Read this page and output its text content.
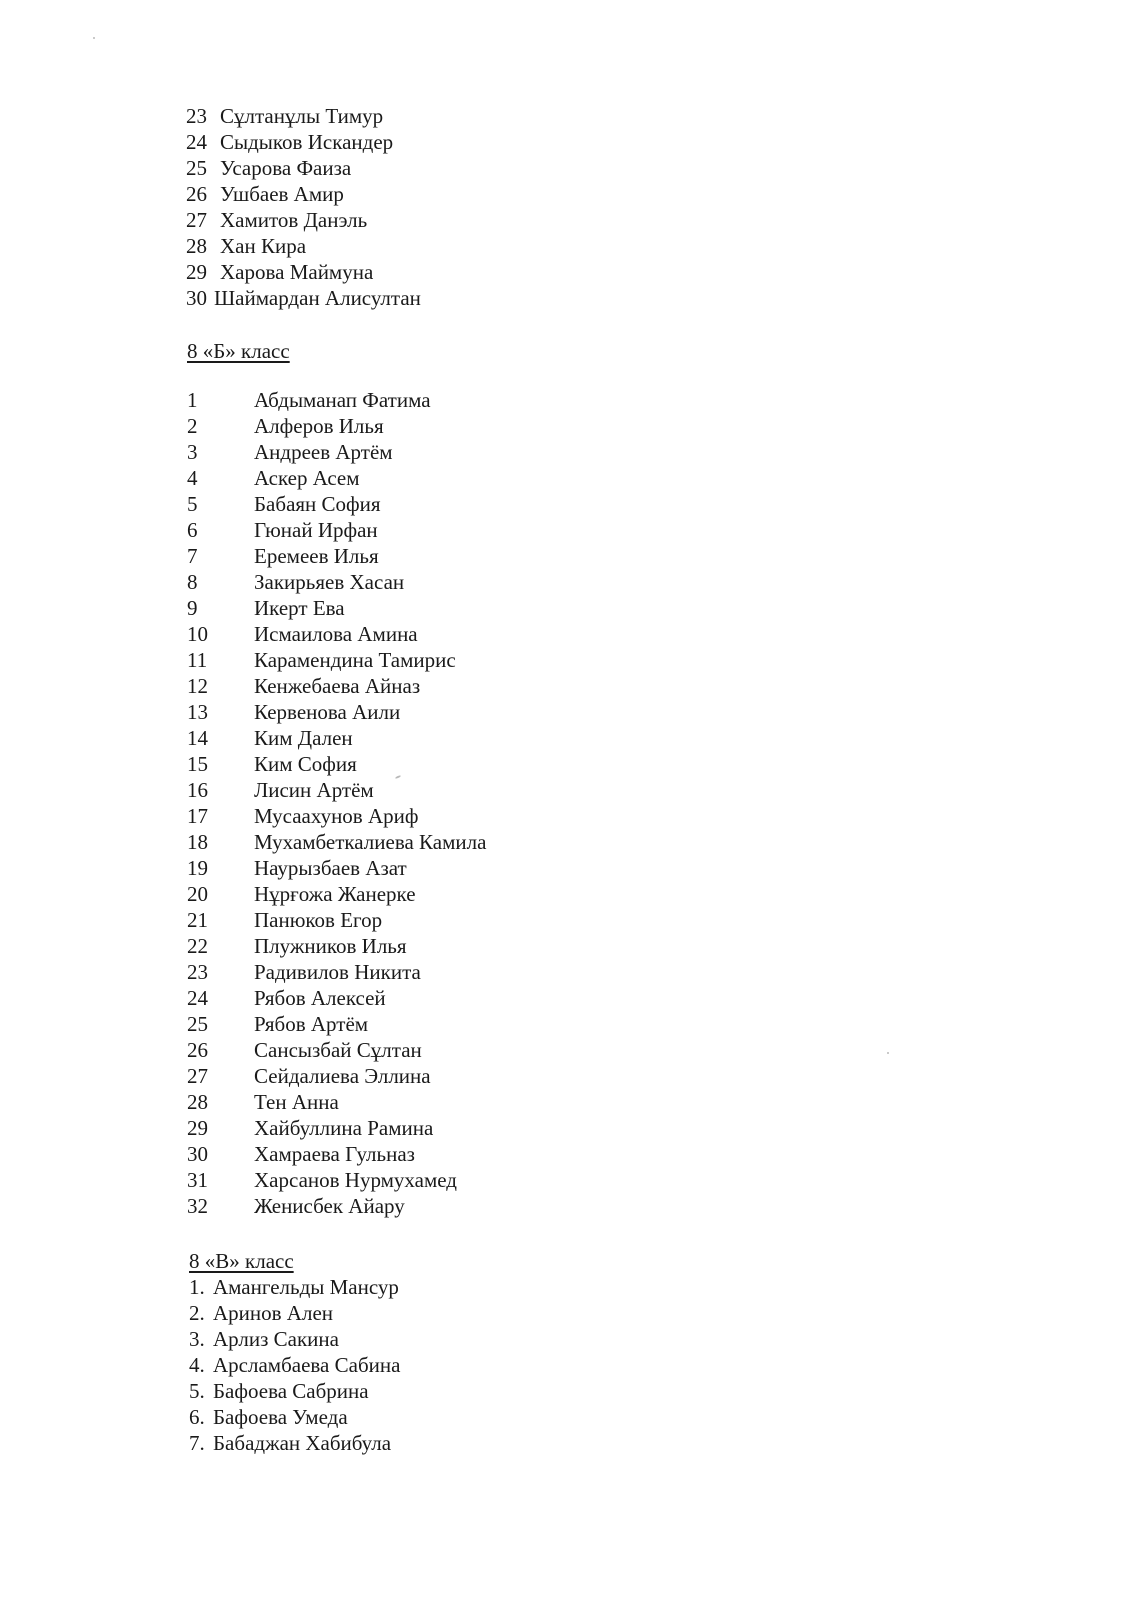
23 Сұлтанұлы Тимур
24 Сыдыков Искандер
25 Усарова Фаиза
26 Ушбаев Амир
27 Хамитов Данэль
28 Хан Кира
29 Харова Маймуна
30 Шаймардан Алисултан
8 «Б» класс
1	Абдыманап Фатима
2	Алферов Илья
3	Андреев Артём
4	Аскер Асем
5	Бабаян София
6	Гюнай Ирфан
7	Еремеев Илья
8	Закирьяев Хасан
9	Икерт Ева
10 Исмаилова Амина
11 Карамендина Тамирис
12 Кенжебаева Айназ
13 Кервенова Аили
14 Ким Дален
15 Ким София
16 Лисин Артём
17 Мусаахунов Ариф
18 Мухамбеткалиева Камила
19 Наурызбаев Азат
20 Нұрғожа Жанерке
21 Панюков Егор
22 Плужников Илья
23 Радивилов Никита
24 Рябов Алексей
25 Рябов Артём
26 Сансызбай Сұлтан
27 Сейдалиева Эллина
28 Тен Анна
29 Хайбуллина Рамина
30 Хамраева Гульназ
31 Харсанов Нурмухамед
32 Женисбек Айару
8 «В» класс
1. Амангельды Мансур
2. Аринов Ален
3. Арлиз Сакина
4. Арсламбаева Сабина
5. Бафоева Сабрина
6. Бафоева Умеда
7. Бабаджан Хабибула
